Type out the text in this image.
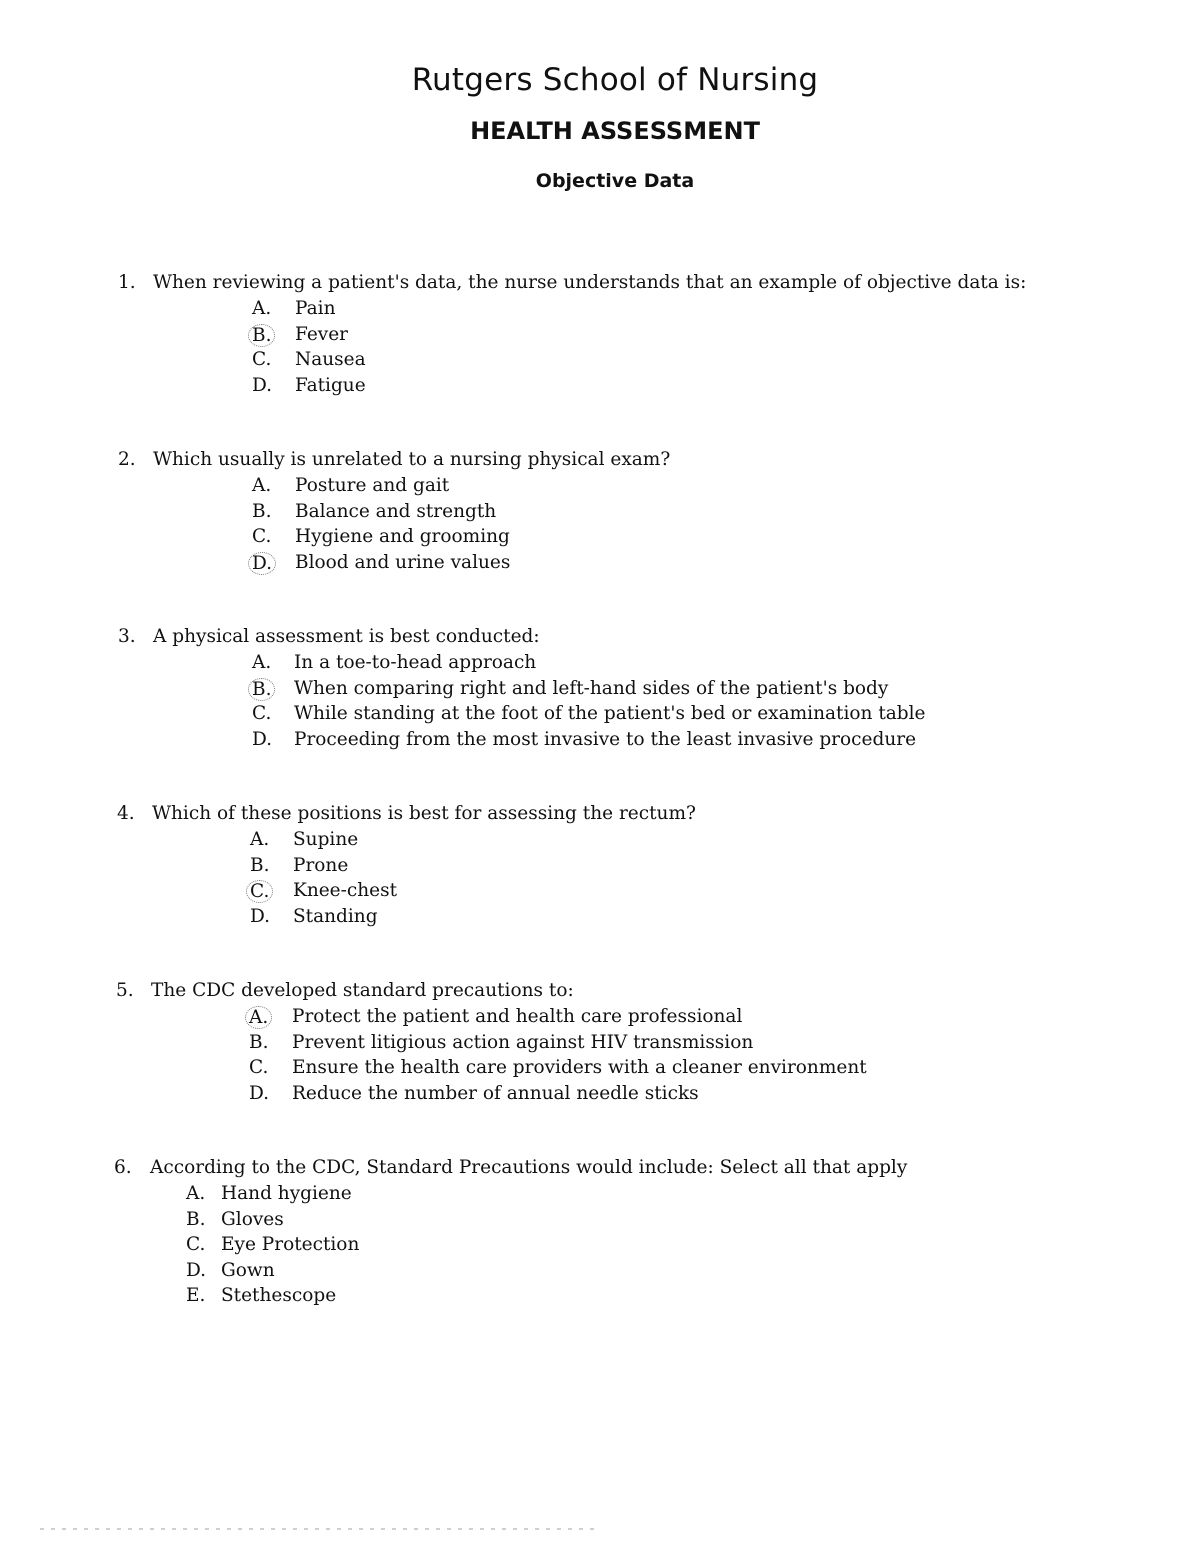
Rutgers School of Nursing
HEALTH ASSESSMENT
Objective Data
1. When reviewing a patient's data, the nurse understands that an example of objective data is:
A. Pain
B. Fever
C. Nausea
D. Fatigue
2. Which usually is unrelated to a nursing physical exam?
A. Posture and gait
B. Balance and strength
C. Hygiene and grooming
D. Blood and urine values
3. A physical assessment is best conducted:
A. In a toe-to-head approach
B. When comparing right and left-hand sides of the patient's body
C. While standing at the foot of the patient's bed or examination table
D. Proceeding from the most invasive to the least invasive procedure
4. Which of these positions is best for assessing the rectum?
A. Supine
B. Prone
C. Knee-chest
D. Standing
5. The CDC developed standard precautions to:
A. Protect the patient and health care professional
B. Prevent litigious action against HIV transmission
C. Ensure the health care providers with a cleaner environment
D. Reduce the number of annual needle sticks
6. According to the CDC, Standard Precautions would include: Select all that apply
A. Hand hygiene
B. Gloves
C. Eye Protection
D. Gown
E. Stethescope
